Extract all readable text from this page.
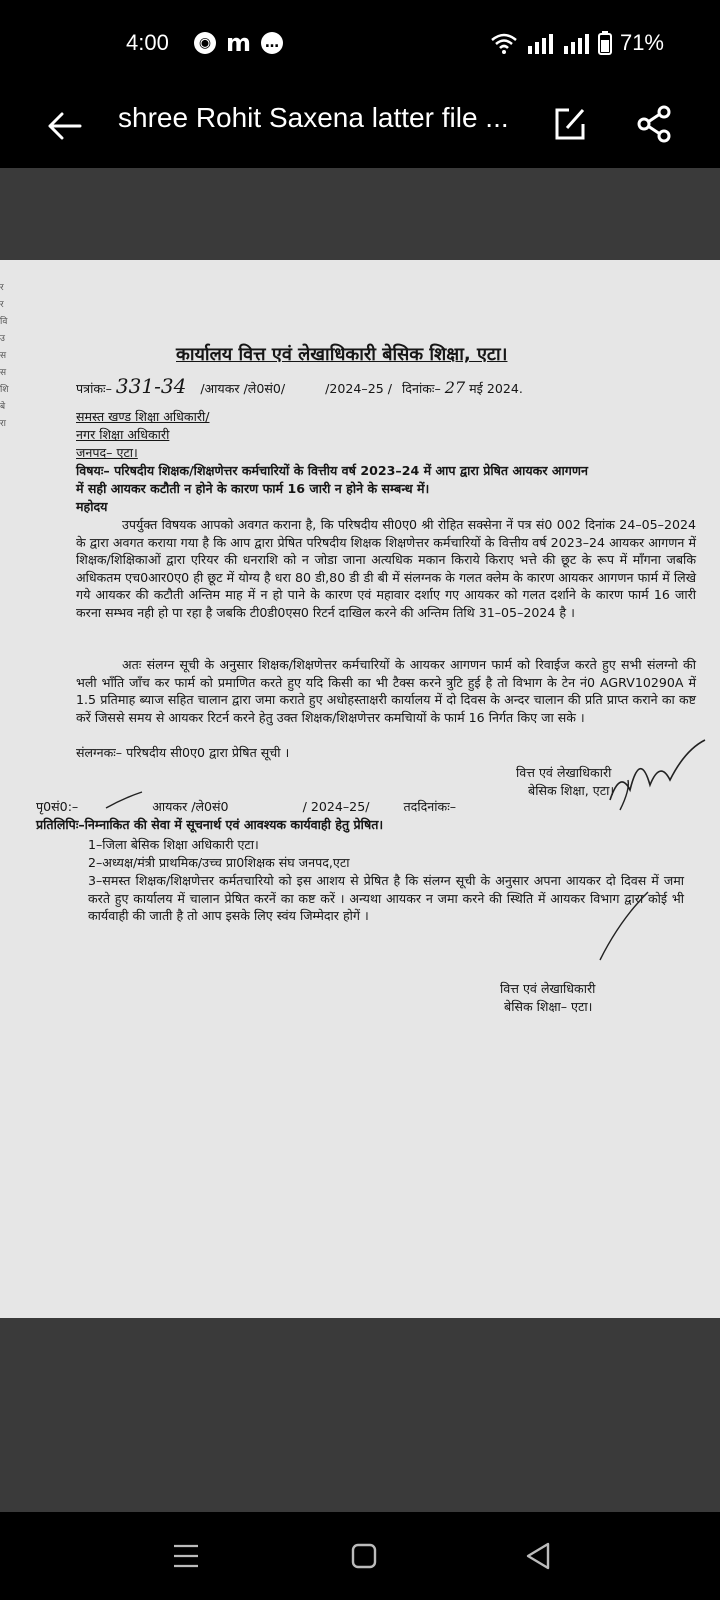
4:00	◉ m …	71%
shree Rohit Saxena latter file ...
र
र
वि
उ
स
स
शि
बे
रा
कार्यालय वित्त एवं लेखाधिकारी बेसिक शिक्षा, एटा।
पत्रांकः– 331-34 /आयकर /ले0सं0/	/2024–25 / दिनांकः– 27 मई 2024.
समस्त खण्ड शिक्षा अधिकारी/
नगर शिक्षा अधिकारी
जनपद– एटा।
विषयः– परिषदीय शिक्षक/शिक्षणेत्तर कर्मचारियों के वित्तीय वर्ष 2023–24 में आप द्वारा प्रेषित आयकर आगणन
में सही आयकर कटौती न होने के कारण फार्म 16 जारी न होने के सम्बन्ध में।
महोदय
उपर्युक्त विषयक आपको अवगत कराना है, कि परिषदीय सी0ए0 श्री रोहित सक्सेना नें पत्र सं0 002 दिनांक 24–05–2024 के द्वारा अवगत कराया गया है कि आप द्वारा प्रेषित परिषदीय शिक्षक शिक्षणेत्तर कर्मचारियों के वित्तीय वर्ष 2023–24 आयकर आगणन में शिक्षक/शिक्षिकाओं द्वारा एरियर की धनराशि को न जोडा जाना अत्यधिक मकान किराये किराए भत्ते की छूट के रूप में माँगना जबकि अधिकतम एच0आर0ए0 ही छूट में योग्य है धरा 80 डी,80 डी डी बी में संलग्नक के गलत क्लेम के कारण आयकर आगणन फार्म में लिखे गये आयकर की कटौती अन्तिम माह में न हो पाने के कारण एवं महावार दर्शाए गए आयकर को गलत दर्शाने के कारण फार्म 16 जारी करना सम्भव नही हो पा रहा है जबकि टी0डी0एस0 रिटर्न दाखिल करने की अन्तिम तिथि 31–05–2024 है ।
अतः संलग्न सूची के अनुसार शिक्षक/शिक्षणेत्तर कर्मचारियों के आयकर आगणन फार्म को रिवाईज करते हुए सभी संलग्नो की भली भाँति जाँच कर फार्म को प्रमाणित करते हुए यदि किसी का भी टैक्स करने त्रुटि हुई है तो विभाग के टेन नं0 AGRV10290A में 1.5 प्रतिमाह ब्याज सहित चालान द्वारा जमा कराते हुए अधोहस्ताक्षरी कार्यालय में दो दिवस के अन्दर चालान की प्रति प्राप्त कराने का कष्ट करें जिससे समय से आयकर रिटर्न करने हेतु उक्त शिक्षक/शिक्षणेत्तर कमचाियों के फार्म 16 निर्गत किए जा सके ।
संलग्नकः– परिषदीय सी0ए0 द्वारा प्रेषित सूची ।
वित्त एवं लेखाधिकारी
बेसिक शिक्षा, एटा।
पृ0सं0:–	आयकर /ले0सं0	/ 2024–25/	तददिनांकः–
प्रतिलिपिः–निम्नाकित की सेवा में सूचनार्थ एवं आवश्यक कार्यवाही हेतु प्रेषित।
1–जिला बेसिक शिक्षा अधिकारी एटा।
2–अध्यक्ष/मंत्री प्राथमिक/उच्च प्रा0शिक्षक संघ जनपद,एटा
3–समस्त शिक्षक/शिक्षणेत्तर कर्मतचारियो को इस आशय से प्रेषित है कि संलग्न सूची के अनुसार अपना आयकर दो दिवस में जमा करते हुए कार्यालय में चालान प्रेषित करनें का कष्ट करें । अन्यथा आयकर न जमा करने की स्थिति में आयकर विभाग द्वारा कोई भी कार्यवाही की जाती है तो आप इसके लिए स्वंय जिम्मेदार होगें ।
वित्त एवं लेखाधिकारी
बेसिक शिक्षा– एटा।
